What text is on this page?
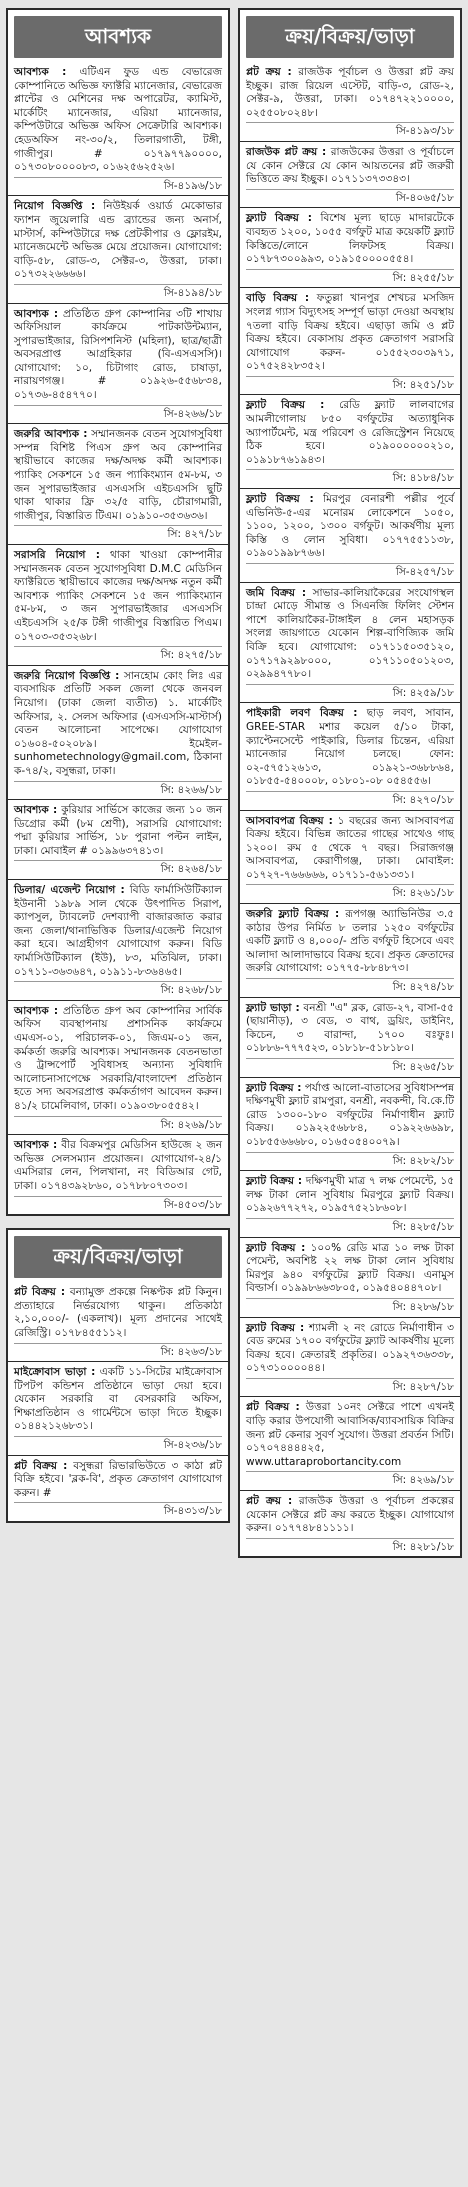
আবশ্যক
আবশ্যক : এটিএন ফুড এন্ড বেভারেজ কোম্পানিতে অভিজ্ঞ ফ্যাক্টরি ম্যানেজার, বেভারেজ প্লান্টের ও মেশিনের দক্ষ অপারেটর, ক্যামিস্ট, মার্কেটিং ম্যানেজার, এরিয়া ম্যানেজার, কম্পিউটারে অভিজ্ঞ অফিস সেক্রেটারি আবশ্যক। হেডঅফিস নং-৩০/২, তিলারগাতী, টঙ্গী, গাজীপুর। # ০১৭৯৭৭৯০০০০, ০১৭৩০৮০০০০৮৩, ০১৬২৫৬২৫২৬।
সি-৪১৯৬/১৮
নিয়োগ বিজ্ঞপ্তি : নিউইয়র্ক ওয়ার্ড মেকোভার ফ্যাশন জুয়েলারি এন্ড ব্র্যান্ডের জন্য অনার্স, মাস্টার্স, কম্পিউটারে দক্ষ প্রেটকীপার ও ফ্লোরইম, ম্যানেজমেন্টে অভিজ্ঞ মেয়ে প্রয়োজন। যোগাযোগ: বাড়ি-৫৮, রোড-৩, সেক্টর-৩, উত্তরা, ঢাকা। ০১৭৩২২৬৬৬৬।
সি-৪১৯৪/১৮
আবশ্যক : প্রতিষ্ঠিত গ্রুপ কোম্পানির ৩টি শাখায় অফিসিয়াল কার্যক্রমে পাটকাউন্টম্যান, সুপারভাইজার, রিসিপশনিস্ট (মহিলা), ছাত্র/ছাত্রী অবসরপ্রাপ্ত আগ্রহিকার (বি-এসএসসি)। যোগাযোগ: ১০, চিটাগাং রোড, চাষাড়া, নারায়ণগঞ্জ। # ০১৯২৬-৫৫৬৮৩৪, ০১৭৩৬-৪৫৪৭৭০।
সি-৪২৬৬/১৮
জরুরি আবশ্যক : সম্মানজনক বেতন সুযোগসুবিধা সম্পন্ন বিশিষ্ট পিএস গ্রুপ অব কোম্পানির স্থায়ীভাবে কাজের দক্ষ/অদক্ষ কর্মী আবশ্যক। প্যাকিং সেকশনে ১৫ জন প্যাকিংম্যান ৫ম-৮ম, ৩ জন সুপারভাইজার এসএসসি এইচএসসি ছুটি থাকা থাকার ফ্রি ৩২/৫ বাড়ি, চৌরাগমারী, গাজীপুর, বিস্তারিত টিএম। ০১৯১০-৩৫৩৬৩৬।
সি: ৪২৭/১৮
সরাসরি নিয়োগ : থাকা খাওয়া কোম্পানীর সম্মানজনক বেতন সুযোগসুবিধা D.M.C মেডিসিন ফ্যাক্টরিতে স্থায়ীভাবে কাজের দক্ষ/অদক্ষ নতুন কর্মী আবশ্যক প্যাকিং সেকশনে ১৫ জন প্যাকিংম্যান ৫ম-৮ম, ৩ জন সুপারভাইজার এসএসসি এইচএসসি ২৫/ক টঙ্গী গাজীপুর বিস্তারিত পিএম। ০১৭০৩-৩৫৩২৬৮।
সি: ৪২৭৫/১৮
জরুরি নিয়োগ বিজ্ঞপ্তি : সানহোম কোং লিঃ এর ব্যবসায়িক প্রতিটি সকল জেলা থেকে জনবল নিয়োগ। (ঢাকা জেলা ব্যতীত) ১. মার্কেটিং অফিসার, ২. সেলস অফিসার (এসএসসি-মাস্টার্স) বেতন আলোচনা সাপেক্ষে। যোগাযোগ ০১৬০৪-৫০২০৮৯। ইমেইল-sunhometechnology@gmail.com, ঠিকানা ক-৭৪/২, বসুন্ধরা, ঢাকা।
সি: ৪২৬৬/১৮
আবশ্যক : কুরিয়ার সার্ভিসে কাজের জন্য ১০ জন ডিগ্রোর কর্মী (৮ম শ্রেণী), সরাসরি যোগাযোগ: পদ্মা কুরিয়ার সার্ভিস, ১৮ পুরানা পল্টন লাইন, ঢাকা। মোবাইল # ০১৯৯৬৩৭৪১৩।
সি: ৪২৬৪/১৮
ডিলার/ এজেন্ট নিয়োগ : বিডি ফার্মাসিউটিক্যাল ইউনানী ১৯৮৯ সাল থেকে উৎপাদিত সিরাপ, ক্যাপসুল, ট্যাবলেট দেশব্যাপী বাজারজাত করার জন্য জেলা/থানাভিত্তিক ডিলার/এজেন্ট নিয়োগ করা হবে। আগ্রহীগণ যোগাযোগ করুন। বিডি ফার্মাসিউটিক্যাল (ইউ), ৮৩, মতিঝিল, ঢাকা। ০১৭১১-৩৬৩৬৪৭, ০১৯১১-৮৩৬৪৬৫।
সি: ৪২৬৮/১৮
আবশ্যক : প্রতিষ্ঠিত গ্রুপ অব কোম্পানির সার্বিক অফিস ব্যবস্থাপনায় প্রশাসনিক কার্যক্রমে এমএস-০১, পরিচালক-০১, জিএম-০১ জন, কর্মকর্তা জরুরি আবশ্যক। সম্মানজনক বেতনভাতা ও ট্রান্সপোর্ট সুবিধাসহ অন্যান্য সুবিধাদি আলোচনাসাপেক্ষে সরকারি/বাংলাদেশ প্রতিষ্ঠান হতে সদ্য অবসরপ্রাপ্ত কর্মকর্তাগণ আবেদন করুন। ৪১/২ চামেলিবাগ, ঢাকা। ০১৯০৩৮০৫৫৪২।
সি: ৪২৬৯/১৮
আবশ্যক : বীর বিক্রমপুর মেডিসিন হাউজে ২ জন অভিজ্ঞ সেলসম্যান প্রয়োজন। যোগাযোগ-২৪/১ এমসিরার লেন, পিলখানা, নং বিডিআর গেট, ঢাকা। ০১৭৪৩৯২৮৬০, ০১৭৮৮০৭৩০৩।
সি-৪৫০৩/১৮
ক্রয়/বিক্রয়/ভাড়া
প্লট বিক্রয় : বন্যামুক্ত প্রকল্পে নিষ্কণ্টক প্লট কিনুন। প্রত্যাহারে নির্ভরযোগ্য থাকুন। প্রতিকাঠা ২,১০,০০০/- (একলাখ)। মূল্য প্রদানের সাথেই রেজিস্ট্রি। ০১৭৮৪৫৫১১২।
সি: ৪২৬৩/১৮
মাইক্রোবাস ভাড়া : একটি ১১-সিটের মাইক্রোবাস টিপটপ কন্ডিশন প্রতিষ্ঠানে ভাড়া দেয়া হবে। যেকোন সরকারি বা বেসরকারি অফিস, শিক্ষাপ্রতিষ্ঠান ও গার্মেন্টসে ভাড়া দিতে ইচ্ছুক। ০১৪৪২১২৬৮৩১।
সি-৪২৩৬/১৮
প্লট বিক্রয় : বসুন্ধরা রিভারভিউতে ৩ কাঠা প্লট বিক্রি হইবে। 'ব্লক-বি', প্রকৃত ক্রেতাগণ যোগাযোগ করুন। #
সি-৪৩১৩/১৮
ক্রয়/বিক্রয়/ভাড়া
প্লট ক্রয় : রাজউক পূর্বাচল ও উত্তরা প্লট ক্রয় ইচ্ছুক। রাজ রিয়েল এস্টেট, বাড়ি-৩, রোড-২, সেক্টর-৯, উত্তরা, ঢাকা। ০১৭৪৭২২১০০০০, ০২৫৫০৮০২৪৮।
সি-৪১৯৩/১৮
রাজউক প্লট ক্রয় : রাজউকের উত্তরা ও পূর্বাচলে যে কোন সেক্টরে যে কোন আয়তনের প্লট জরুরী ভিত্তিতে ক্রয় ইচ্ছুক। ০১৭১১৩৭৩৩৪৩।
সি-৪০৬৫/১৮
ফ্ল্যাট বিক্রয় : বিশেষ মূল্য ছাড়ে মাদারটেকে ব্যবহৃত ১২০০, ১০৫৫ বর্গফুট মাত্র কয়েকটি ফ্ল্যাট কিস্তিতে/লোনে লিফটসহ বিক্রয়। ০১৭৮৭৩০০৯৯৩, ০১৯১৫০০০০৫৫৪।
সি: ৪২৫৫/১৮
বাড়ি বিক্রয় : ফতুল্লা খানপুর শেখচর মসজিদ সংলগ্ন গ্যাস বিদ্যুৎসহ সম্পূর্ণ ভাড়া দেওয়া অবস্থায় ৭তলা বাড়ি বিক্রয় হইবে। এছাড়া জমি ও প্লট বিক্রয় হইবে। বেকাসায় প্রকৃত ক্রেতাগণ সরাসরি যোগাযোগ করুন- ০১৫৫২৩০৩৯৭১, ০১৭৫২৪২৮৩৫২।
সি: ৪২৫১/১৮
ফ্ল্যাট বিক্রয় : রেডি ফ্ল্যাট লালবাগের আমলীগোলায় ৮৫০ বর্গফুটের অত্যাধুনিক অ্যাপার্টমেন্ট, মন্ত্র পরিবেশ ও রেজিস্ট্রেশন নিয়েছে ঠিক হবে। ০১৯০০০০০০২১০, ০১৯১৮৭৬১৯৪৩।
সি: ৪১৮৪/১৮
ফ্ল্যাট বিক্রয় : মিরপুর বেনারশী পল্লীর পূর্বে এভিনিউ-৫-এর মনোরম লোকেশনে ১০৫০, ১১০০, ১২০০, ১৩০০ বর্গফুট। আকর্ষণীয় মূল্য কিস্তি ও লোন সুবিধা। ০১৭৭৫৫১১৩৮, ০১৯০১৯৯৮৭৬৬।
সি-৪২৫৭/১৮
জমি বিক্রয় : সাভার-কালিয়াকৈরের সংযোগস্থল চান্দ্রা মোড়ে সীমান্ত ও সিএনজি ফিলিং স্টেশন পাশে কালিয়াকৈর-টাঙ্গাইল ৪ লেন মহাসড়ক সংলগ্ন জায়গাতে যেকোন শিল্প-বাণিজ্যিক জমি বিক্রি হবে। যোগাযোগ: ০১৭১১৫০৩৫১২০, ০১৭১৭৯২৯৮০০০, ০১৭১১০৫০১২০৩, ০২৯৯৪৭৭৮০।
সি: ৪২৫৯/১৮
পাইকারী লবণ বিক্রয় : ছাড় লবণ, সাবান, GREE-STAR মশার কয়েল ৫/১০ টাকা, ক্যাপ্টেনসেন্টে পাইকারি, ডিলার চিন্তেন, এরিয়া ম্যানেজার নিয়োগ চলছে। ফোন: ০২-৫৭৫১২৬১৩, ০১৯২১-৩৬৮৮৬৪, ০১৮৫৫-৫৪০০০৮, ০১৮০১-০৮ ০৫৪৫৫৬।
সি: ৪২৭০/১৮
আসবাবপত্র বিক্রয় : ১ বছরের জন্য আসবাবপত্র বিক্রয় হইবে। বিভিন্ন জাতের গাছের সাথেও গাছ ১২০০। রুম ৫ থেকে ৭ বছর। সিরাজগঞ্জ আসবাবপত্র, কেরাণীগঞ্জ, ঢাকা। মোবাইল: ০১৭২৭-৭৬৬৬৬৬, ০১৭১১-৫৬১৩৩১।
সি: ৪২৬১/১৮
জরুরি ফ্ল্যাট বিক্রয় : রূপগঞ্জ অ্যাভিনিউর ৩.৫ কাঠার উপর নির্মিত ৮ তলার ১২৫০ বর্গফুটের একটি ফ্ল্যাট ও ৪,০০০/- প্রতি বর্গফুট হিসেবে এবং আলাদা আলাদাভাবে বিক্রয় হবে। প্রকৃত ক্রেতাদের জরুরি যোগাযোগ: ০১৭৭৫-৮৮৪৮৭৩।
সি: ৪২৭৪/১৮
ফ্ল্যাট ভাড়া : বনশ্রী "এ" ব্লক, রোড-২৭, বাসা-৫৫ (ছায়ানীড়), ৩ বেড, ৩ বাথ, ড্রয়িং, ডাইনিং, কিচেন, ৩ বারান্দা, ১৭০০ বঃফুঃ। ০১৮৮৬-৭৭৭৫২৩, ০১৮১৮-৫১৮১৮০।
সি: ৪২৬৫/১৮
ফ্ল্যাট বিক্রয় : পর্যাপ্ত আলো-বাতাসের সুবিধাসম্পন্ন দক্ষিণমুখী ফ্ল্যাট রামপুরা, বনশ্রী, নবকন্দী, বি.কে.টি রোড ১৩০০-১৮০ বর্গফুটের নির্মাণাধীন ফ্ল্যাট বিক্রয়। ০১৯২২৫৬৮৮৪, ০১৯২২৬৬৯৮, ০১৮৫৫৬৬৬৮০, ০১৬৫০৫৪০০৭৯।
সি: ৪২৮২/১৮
ফ্ল্যাট বিক্রয় : দক্ষিণমুখী মাত্র ৭ লক্ষ পেমেন্টে, ১৫ লক্ষ টাকা লোন সুবিধায় মিরপুরে ফ্ল্যাট বিক্রয়। ০১৯২৬৭৭২৭২, ০১৯৫৭৫২১৮৬০৮।
সি: ৪২৮৫/১৮
ফ্ল্যাট বিক্রয় : ১০০% রেডি মাত্র ১০ লক্ষ টাকা পেমেন্ট, অবশিষ্ট ২২ লক্ষ টাকা লোন সুবিধায় মিরপুর ৯৪০ বর্গফুটের ফ্ল্যাট বিক্রয়। এনামুস বিল্ডার্স। ০১৯৯৮৬৬৩৮০৫, ০১৯৫৪০৪৪৭০৮।
সি: ৪২৮৬/১৮
ফ্ল্যাট বিক্রয় : শ্যামলী ২ নং রোডে নির্মাণাধীন ৩ বেড রুমের ১৭০০ বর্গফুটের ফ্ল্যাট আকর্ষণীয় মূল্যে বিক্রয় হবে। ক্রেতারই প্রকৃতির। ০১৯২৭৩৬৩৩৮, ০১৭৩১০০০০৪৪।
সি: ৪২৮৭/১৮
প্লট বিক্রয় : উত্তরা ১০নং সেক্টরে পাশে এখনই বাড়ি করার উপযোগী আবাসিক/ব্যাবসায়িক বিক্রির জন্য প্লট কেনার সুবর্ণ সুযোগ। উত্তরা প্রবর্তন সিটি। ০১৭০৭৪৪৪৪২৫, www.uttaraprobortancity.com
সি: ৪২৬৯/১৮
প্লট ক্রয় : রাজউক উত্তরা ও পূর্বাচল প্রকল্পের যেকোন সেক্টরে প্লট ক্রয় করতে ইচ্ছুক। যোগাযোগ করুন। ০১৭৭৪৮৪১১১১।
সি: ৪২৮১/১৮
